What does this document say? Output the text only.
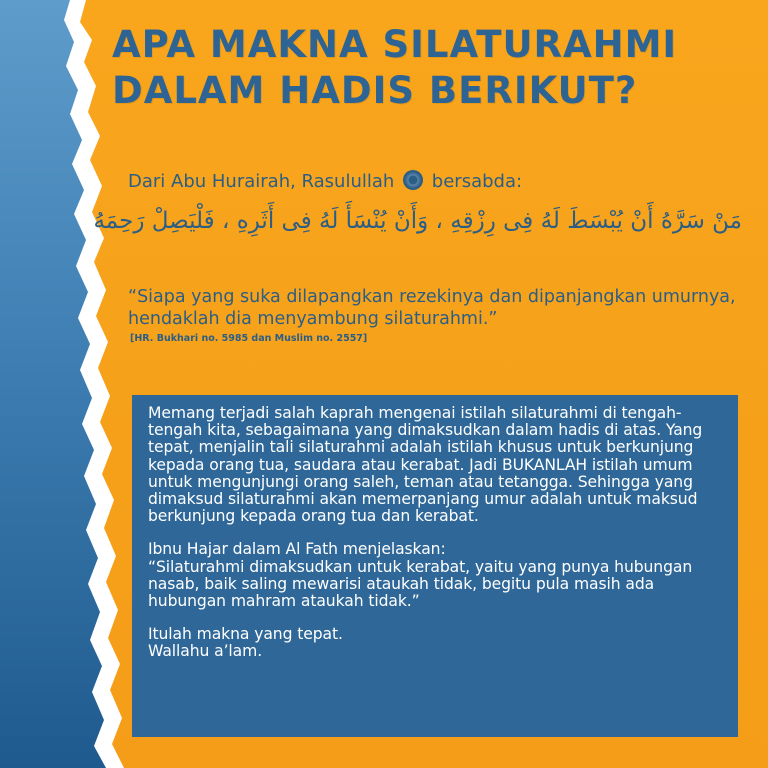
APA MAKNA SILATURAHMI
DALAM HADIS BERIKUT?
Dari Abu Hurairah, Rasulullah bersabda:
مَنْ سَرَّهُ أَنْ يُبْسَطَ لَهُ فِى رِزْقِهِ ، وَأَنْ يُنْسَأَ لَهُ فِى أَثَرِهِ ، فَلْيَصِلْ رَحِمَهُ
“Siapa yang suka dilapangkan rezekinya dan dipanjangkan umurnya, hendaklah dia menyambung silaturahmi.”
[HR. Bukhari no. 5985 dan Muslim no. 2557]

Memang terjadi salah kaprah mengenai istilah silaturahmi di tengah-tengah kita, sebagaimana yang dimaksudkan dalam hadis di atas. Yang tepat, menjalin tali silaturahmi adalah istilah khusus untuk berkunjung kepada orang tua, saudara atau kerabat. Jadi BUKANLAH istilah umum untuk mengunjungi orang saleh, teman atau tetangga. Sehingga yang dimaksud silaturahmi akan memerpanjang umur adalah untuk maksud berkunjung kepada orang tua dan kerabat.

Ibnu Hajar dalam Al Fath menjelaskan:
“Silaturahmi dimaksudkan untuk kerabat, yaitu yang punya hubungan nasab, baik saling mewarisi ataukah tidak, begitu pula masih ada hubungan mahram ataukah tidak.”

Itulah makna yang tepat.
Wallahu a’lam.
